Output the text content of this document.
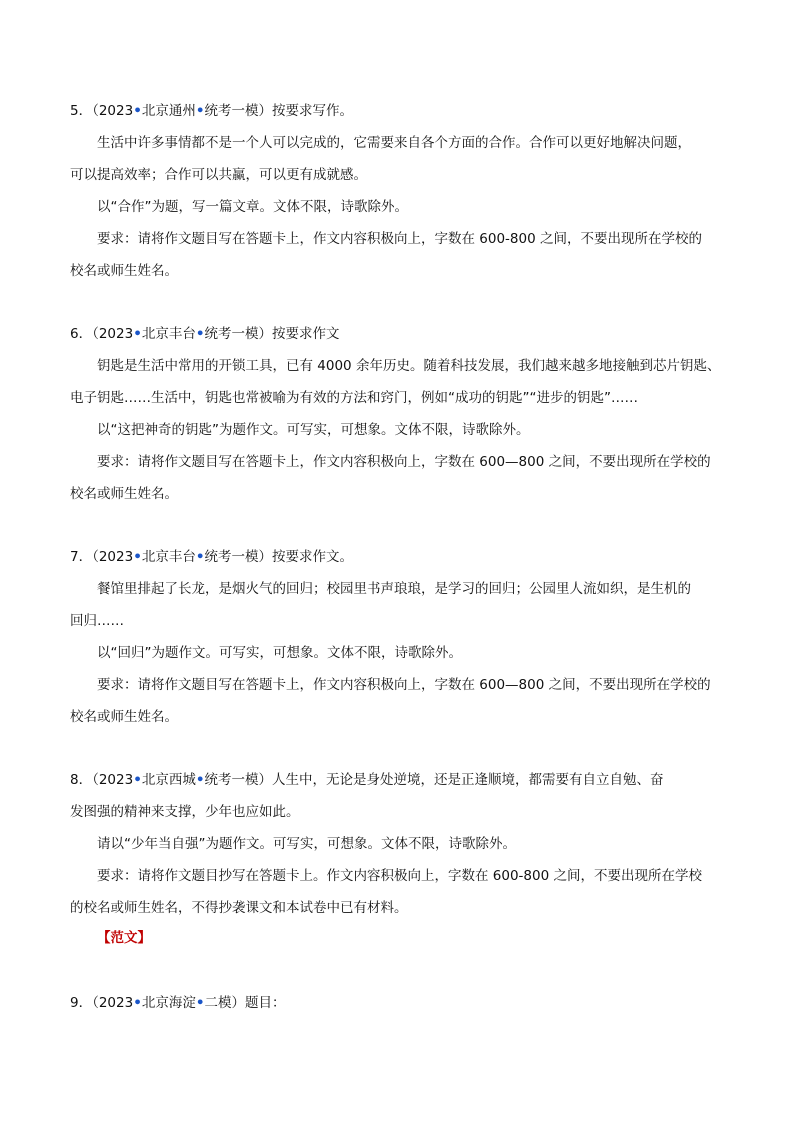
5．（2023•北京通州•统考一模）按要求写作。
生活中许多事情都不是一个人可以完成的，它需要来自各个方面的合作。合作可以更好地解决问题，
可以提高效率；合作可以共赢，可以更有成就感。
以“合作”为题，写一篇文章。文体不限，诗歌除外。
要求：请将作文题目写在答题卡上，作文内容积极向上，字数在 600-800 之间，不要出现所在学校的
校名或师生姓名。
6．（2023•北京丰台•统考一模）按要求作文
钥匙是生活中常用的开锁工具，已有 4000 余年历史。随着科技发展，我们越来越多地接触到芯片钥匙、
电子钥匙……生活中，钥匙也常被喻为有效的方法和窍门，例如“成功的钥匙”“进步的钥匙”……
以“这把神奇的钥匙”为题作文。可写实，可想象。文体不限，诗歌除外。
要求：请将作文题目写在答题卡上，作文内容积极向上，字数在 600—800 之间，不要出现所在学校的
校名或师生姓名。
7．（2023•北京丰台•统考一模）按要求作文。
餐馆里排起了长龙，是烟火气的回归；校园里书声琅琅，是学习的回归；公园里人流如织，是生机的
回归……
以“回归”为题作文。可写实，可想象。文体不限，诗歌除外。
要求：请将作文题目写在答题卡上，作文内容积极向上，字数在 600—800 之间，不要出现所在学校的
校名或师生姓名。
8．（2023•北京西城•统考一模）人生中，无论是身处逆境，还是正逢顺境，都需要有自立自勉、奋
发图强的精神来支撑，少年也应如此。
请以“少年当自强”为题作文。可写实，可想象。文体不限，诗歌除外。
要求：请将作文题目抄写在答题卡上。作文内容积极向上，字数在 600-800 之间，不要出现所在学校
的校名或师生姓名，不得抄袭课文和本试卷中已有材料。
【范文】
9．（2023•北京海淀•二模）题目：
